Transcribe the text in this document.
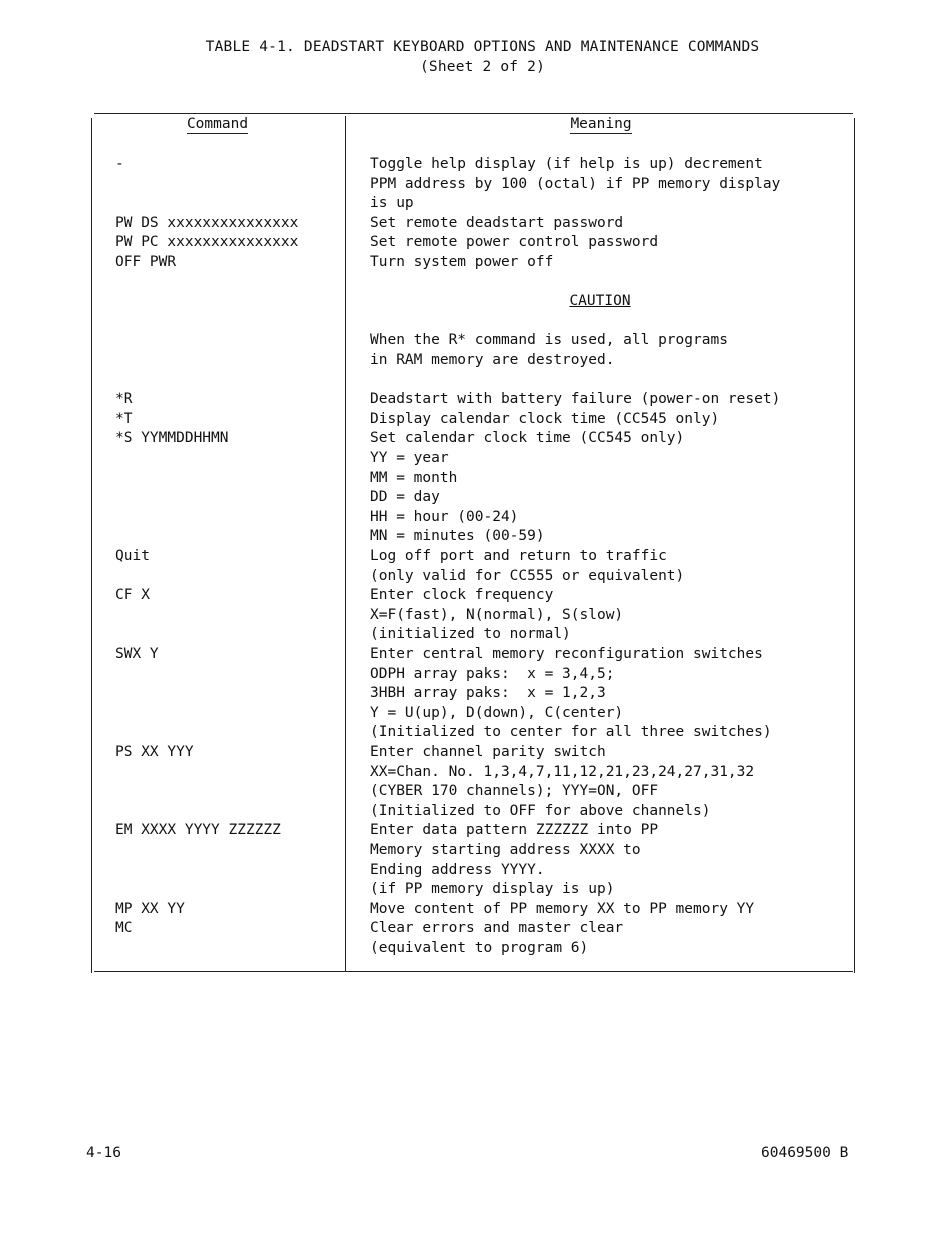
TABLE 4-1. DEADSTART KEYBOARD OPTIONS AND MAINTENANCE COMMANDS
(Sheet 2 of 2)
Command	Meaning
-	Toggle help display (if help is up) decrement
PPM address by 100 (octal) if PP memory display
is up
PW DS xxxxxxxxxxxxxxx	Set remote deadstart password
PW PC xxxxxxxxxxxxxxx	Set remote power control password
OFF PWR	Turn system power off
CAUTION
When the R* command is used, all programs
in RAM memory are destroyed.
*R	Deadstart with battery failure (power-on reset)
*T	Display calendar clock time (CC545 only)
*S YYMMDDHHMN	Set calendar clock time (CC545 only)
YY = year
MM = month
DD = day
HH = hour (00-24)
MN = minutes (00-59)
Quit	Log off port and return to traffic
(only valid for CC555 or equivalent)
CF X	Enter clock frequency
X=F(fast), N(normal), S(slow)
(initialized to normal)
SWX Y	Enter central memory reconfiguration switches
ODPH array paks:  x = 3,4,5;
3HBH array paks:  x = 1,2,3
Y = U(up), D(down), C(center)
(Initialized to center for all three switches)
PS XX YYY	Enter channel parity switch
XX=Chan. No. 1,3,4,7,11,12,21,23,24,27,31,32
(CYBER 170 channels); YYY=ON, OFF
(Initialized to OFF for above channels)
EM XXXX YYYY ZZZZZZ	Enter data pattern ZZZZZZ into PP
Memory starting address XXXX to
Ending address YYYY.
(if PP memory display is up)
MP XX YY	Move content of PP memory XX to PP memory YY
MC	Clear errors and master clear
(equivalent to program 6)
4-16	60469500 B
